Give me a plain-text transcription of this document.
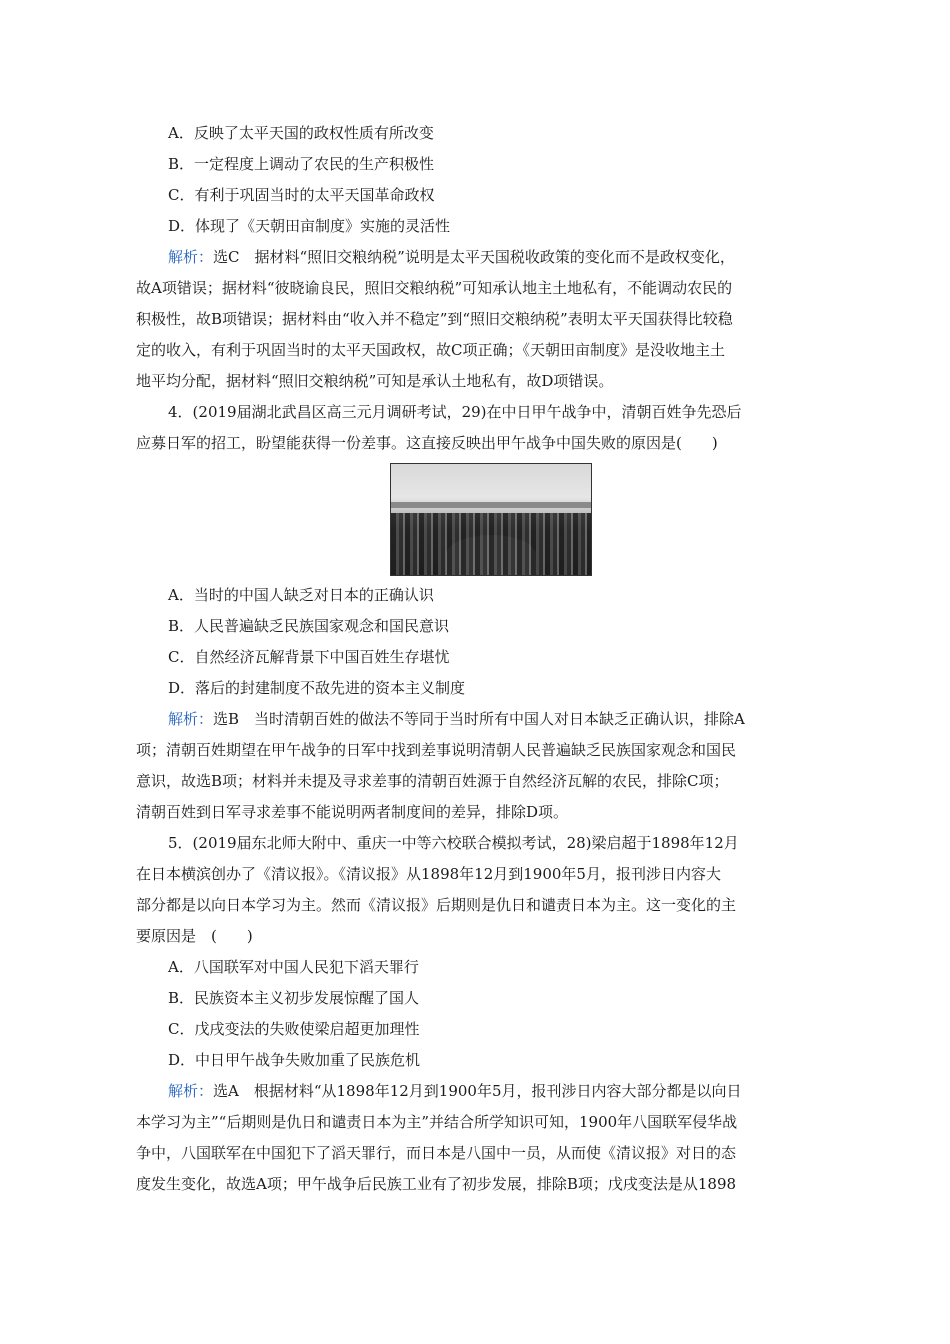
A．反映了太平天国的政权性质有所改变
B．一定程度上调动了农民的生产积极性
C．有利于巩固当时的太平天国革命政权
D．体现了《天朝田亩制度》实施的灵活性
解析：选C　据材料“照旧交粮纳税”说明是太平天国税收政策的变化而不是政权变化，
故A项错误；据材料“彼晓谕良民，照旧交粮纳税”可知承认地主土地私有，不能调动农民的
积极性，故B项错误；据材料由“收入并不稳定”到“照旧交粮纳税”表明太平天国获得比较稳
定的收入，有利于巩固当时的太平天国政权，故C项正确；《天朝田亩制度》是没收地主土
地平均分配，据材料“照旧交粮纳税”可知是承认土地私有，故D项错误。
4．(2019届湖北武昌区高三元月调研考试，29)在中日甲午战争中，清朝百姓争先恐后
应募日军的招工，盼望能获得一份差事。这直接反映出甲午战争中国失败的原因是(　　)
A．当时的中国人缺乏对日本的正确认识
B．人民普遍缺乏民族国家观念和国民意识
C．自然经济瓦解背景下中国百姓生存堪忧
D．落后的封建制度不敌先进的资本主义制度
解析：选B　当时清朝百姓的做法不等同于当时所有中国人对日本缺乏正确认识，排除A
项；清朝百姓期望在甲午战争的日军中找到差事说明清朝人民普遍缺乏民族国家观念和国民
意识，故选B项；材料并未提及寻求差事的清朝百姓源于自然经济瓦解的农民，排除C项；
清朝百姓到日军寻求差事不能说明两者制度间的差异，排除D项。
5．(2019届东北师大附中、重庆一中等六校联合模拟考试，28)梁启超于1898年12月
在日本横滨创办了《清议报》。《清议报》从1898年12月到1900年5月，报刊涉日内容大
部分都是以向日本学习为主。然而《清议报》后期则是仇日和谴责日本为主。这一变化的主
要原因是　(　　)
A．八国联军对中国人民犯下滔天罪行
B．民族资本主义初步发展惊醒了国人
C．戊戌变法的失败使梁启超更加理性
D．中日甲午战争失败加重了民族危机
解析：选A　根据材料“从1898年12月到1900年5月，报刊涉日内容大部分都是以向日
本学习为主”“后期则是仇日和谴责日本为主”并结合所学知识可知，1900年八国联军侵华战
争中，八国联军在中国犯下了滔天罪行，而日本是八国中一员，从而使《清议报》对日的态
度发生变化，故选A项；甲午战争后民族工业有了初步发展，排除B项；戊戌变法是从1898
